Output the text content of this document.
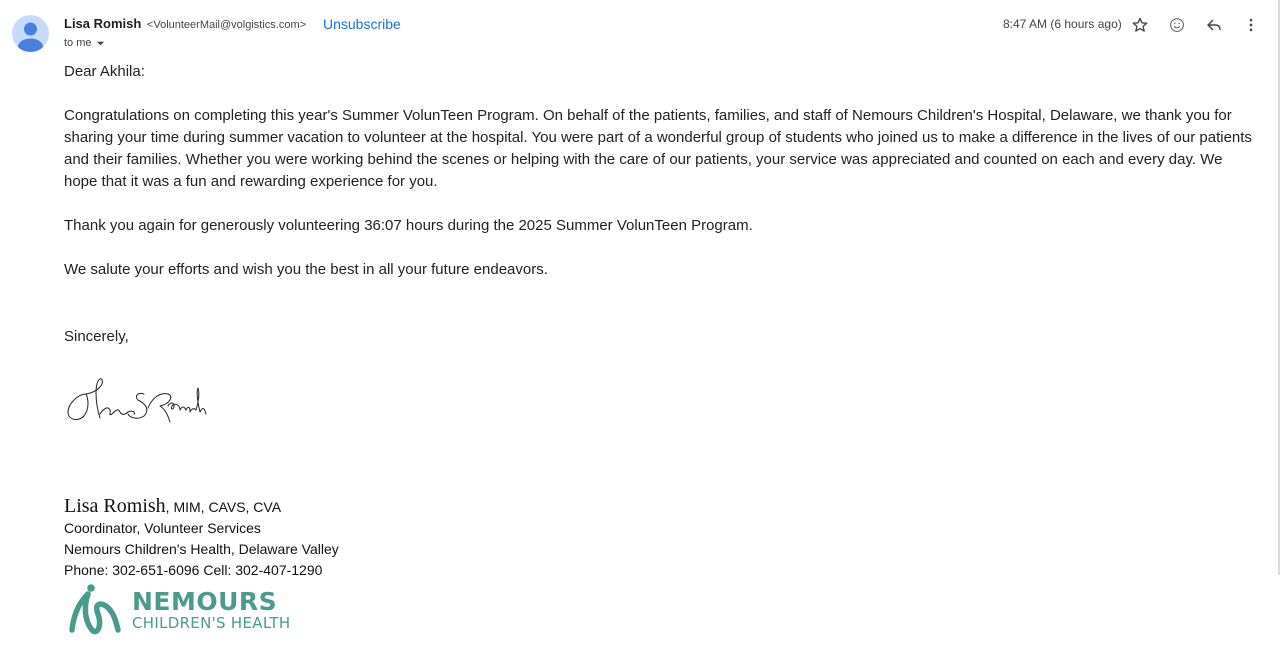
Lisa Romish <VolunteerMail@volgistics.com> Unsubscribe
to me
8:47 AM (6 hours ago)

Dear Akhila:

Congratulations on completing this year's Summer VolunTeen Program. On behalf of the patients, families, and staff of Nemours Children's Hospital, Delaware, we thank you for sharing your time during summer vacation to volunteer at the hospital. You were part of a wonderful group of students who joined us to make a difference in the lives of our patients and their families. Whether you were working behind the scenes or helping with the care of our patients, your service was appreciated and counted on each and every day. We hope that it was a fun and rewarding experience for you.

Thank you again for generously volunteering 36:07 hours during the 2025 Summer VolunTeen Program.

We salute your efforts and wish you the best in all your future endeavors.

Sincerely,

Lisa Romish, MIM, CAVS, CVA
Coordinator, Volunteer Services
Nemours Children's Health, Delaware Valley
Phone: 302-651-6096 Cell: 302-407-1290
NEMOURS
CHILDREN'S HEALTH
